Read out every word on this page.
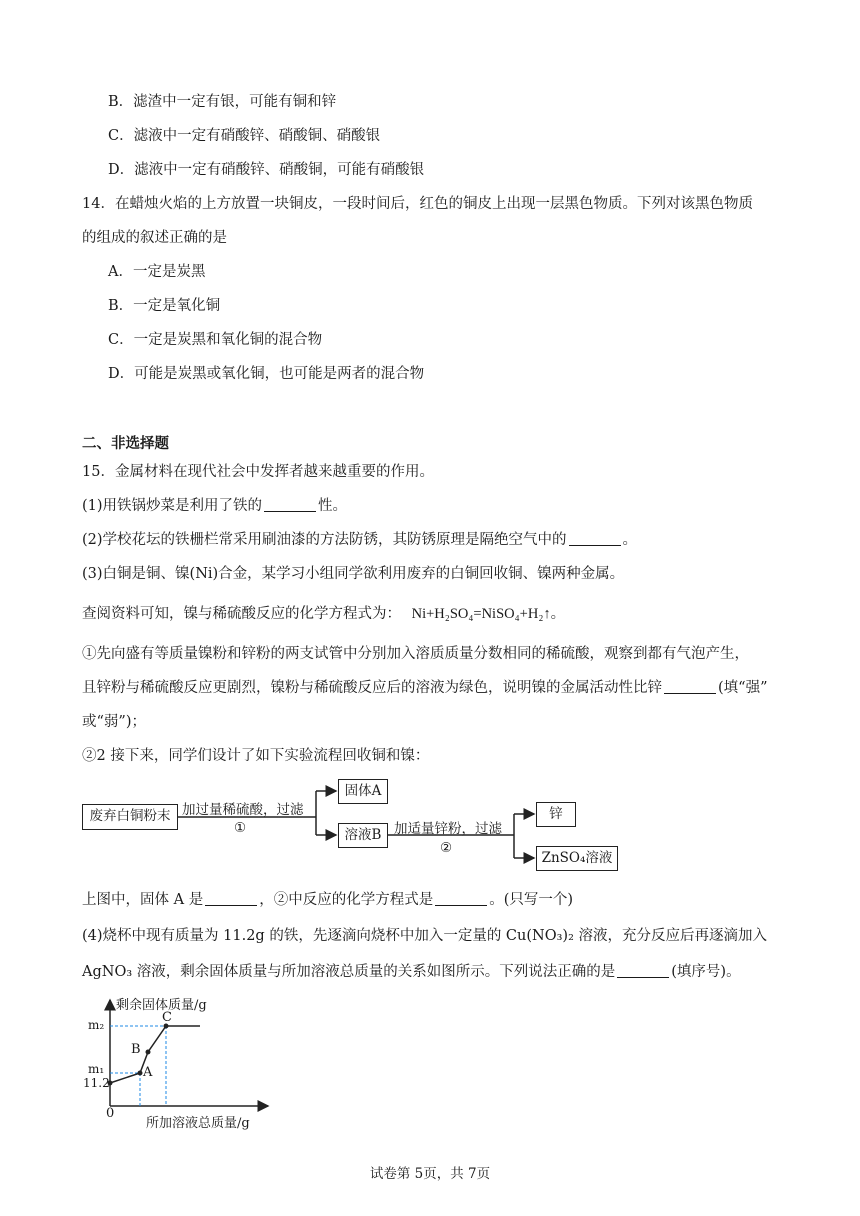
B．滤渣中一定有银，可能有铜和锌
C．滤液中一定有硝酸锌、硝酸铜、硝酸银
D．滤液中一定有硝酸锌、硝酸铜，可能有硝酸银
14．在蜡烛火焰的上方放置一块铜皮，一段时间后，红色的铜皮上出现一层黑色物质。下列对该黑色物质
的组成的叙述正确的是
A．一定是炭黑
B．一定是氧化铜
C．一定是炭黑和氧化铜的混合物
D．可能是炭黑或氧化铜，也可能是两者的混合物
二、非选择题
15．金属材料在现代社会中发挥者越来越重要的作用。
(1)用铁锅炒菜是利用了铁的	性。
(2)学校花坛的铁栅栏常采用刷油漆的方法防锈，其防锈原理是隔绝空气中的	。
(3)白铜是铜、镍(Ni)合金，某学习小组同学欲利用废弃的白铜回收铜、镍两种金属。
查阅资料可知，镍与稀硫酸反应的化学方程式为： Ni+H₂SO₄=NiSO₄+H₂↑。
①先向盛有等质量镍粉和锌粉的两支试管中分别加入溶质质量分数相同的稀硫酸，观察到都有气泡产生，
且锌粉与稀硫酸反应更剧烈，镍粉与稀硫酸反应后的溶液为绿色，说明镍的金属活动性比锌	(填“强”
或“弱”)；
②2 接下来，同学们设计了如下实验流程回收铜和镍：
废弃白铜粉末 加过量稀硫酸，过滤
①
固体A
溶液B 加适量锌粉，过滤
②
锌
ZnSO₄溶液
上图中，固体 A 是	，②中反应的化学方程式是	。(只写一个)
(4)烧杯中现有质量为 11.2g 的铁，先逐滴向烧杯中加入一定量的 Cu(NO₃)₂ 溶液，充分反应后再逐滴加入
AgNO₃ 溶液，剩余固体质量与所加溶液总质量的关系如图所示。下列说法正确的是	(填序号)。
剩余固体质量/g
所加溶液总质量/g
0
m₂
m₁
11.2
A
B
C
试卷第 5页，共 7页
